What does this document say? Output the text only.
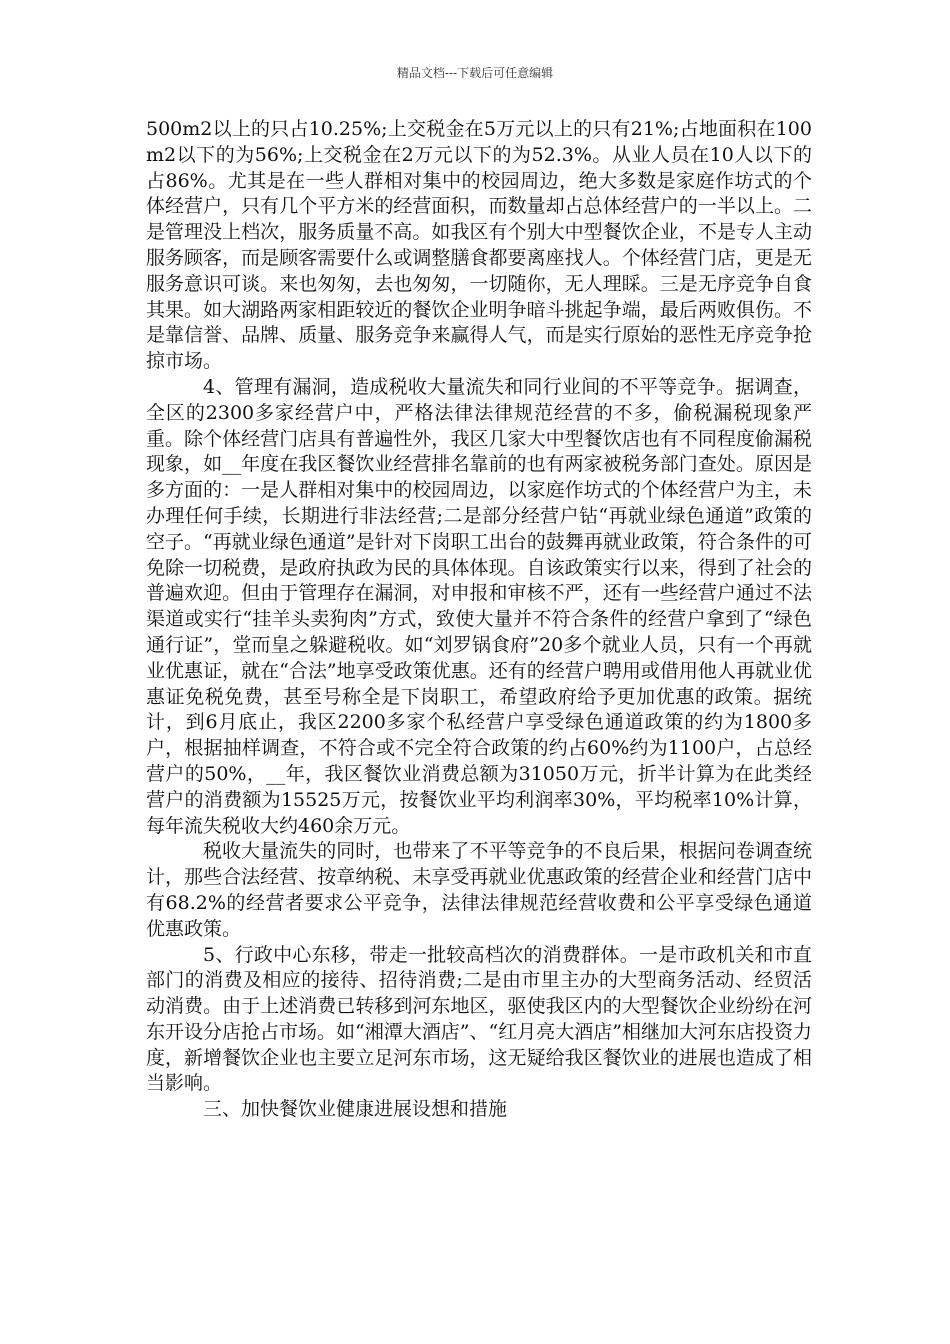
精品文档---下载后可任意编辑

500m2以上的只占10.25%;上交税金在5万元以上的只有21%;占地面积在100m2以下的为56%;上交税金在2万元以下的为52.3%。从业人员在10人以下的占86%。尤其是在一些人群相对集中的校园周边，绝大多数是家庭作坊式的个体经营户，只有几个平方米的经营面积，而数量却占总体经营户的一半以上。二是管理没上档次，服务质量不高。如我区有个别大中型餐饮企业，不是专人主动服务顾客，而是顾客需要什么或调整膳食都要离座找人。个体经营门店，更是无服务意识可谈。来也匆匆，去也匆匆，一切随你，无人理睬。三是无序竞争自食其果。如大湖路两家相距较近的餐饮企业明争暗斗挑起争端，最后两败俱伤。不是靠信誉、品牌、质量、服务竞争来赢得人气，而是实行原始的恶性无序竞争抢掠市场。

4、管理有漏洞，造成税收大量流失和同行业间的不平等竞争。据调查，全区的2300多家经营户中，严格法律法律规范经营的不多，偷税漏税现象严重。除个体经营门店具有普遍性外，我区几家大中型餐饮店也有不同程度偷漏税现象，如__年度在我区餐饮业经营排名靠前的也有两家被税务部门查处。原因是多方面的：一是人群相对集中的校园周边，以家庭作坊式的个体经营户为主，未办理任何手续，长期进行非法经营;二是部分经营户钻“再就业绿色通道”政策的空子。“再就业绿色通道”是针对下岗职工出台的鼓舞再就业政策，符合条件的可免除一切税费，是政府执政为民的具体体现。自该政策实行以来，得到了社会的普遍欢迎。但由于管理存在漏洞，对申报和审核不严，还有一些经营户通过不法渠道或实行“挂羊头卖狗肉”方式，致使大量并不符合条件的经营户拿到了“绿色通行证”，堂而皇之躲避税收。如“刘罗锅食府”20多个就业人员，只有一个再就业优惠证，就在“合法”地享受政策优惠。还有的经营户聘用或借用他人再就业优惠证免税免费，甚至号称全是下岗职工，希望政府给予更加优惠的政策。据统计，到6月底止，我区2200多家个私经营户享受绿色通道政策的约为1800多户，根据抽样调查，不符合或不完全符合政策的约占60%约为1100户，占总经营户的50%，__年，我区餐饮业消费总额为31050万元，折半计算为在此类经营户的消费额为15525万元，按餐饮业平均利润率30%，平均税率10%计算，每年流失税收大约460余万元。

税收大量流失的同时，也带来了不平等竞争的不良后果，根据问卷调查统计，那些合法经营、按章纳税、未享受再就业优惠政策的经营企业和经营门店中有68.2%的经营者要求公平竞争，法律法律规范经营收费和公平享受绿色通道优惠政策。

5、行政中心东移，带走一批较高档次的消费群体。一是市政机关和市直部门的消费及相应的接待、招待消费;二是由市里主办的大型商务活动、经贸活动消费。由于上述消费已转移到河东地区，驱使我区内的大型餐饮企业纷纷在河东开设分店抢占市场。如“湘潭大酒店”、“红月亮大酒店”相继加大河东店投资力度，新增餐饮企业也主要立足河东市场，这无疑给我区餐饮业的进展也造成了相当影响。

三、加快餐饮业健康进展设想和措施
